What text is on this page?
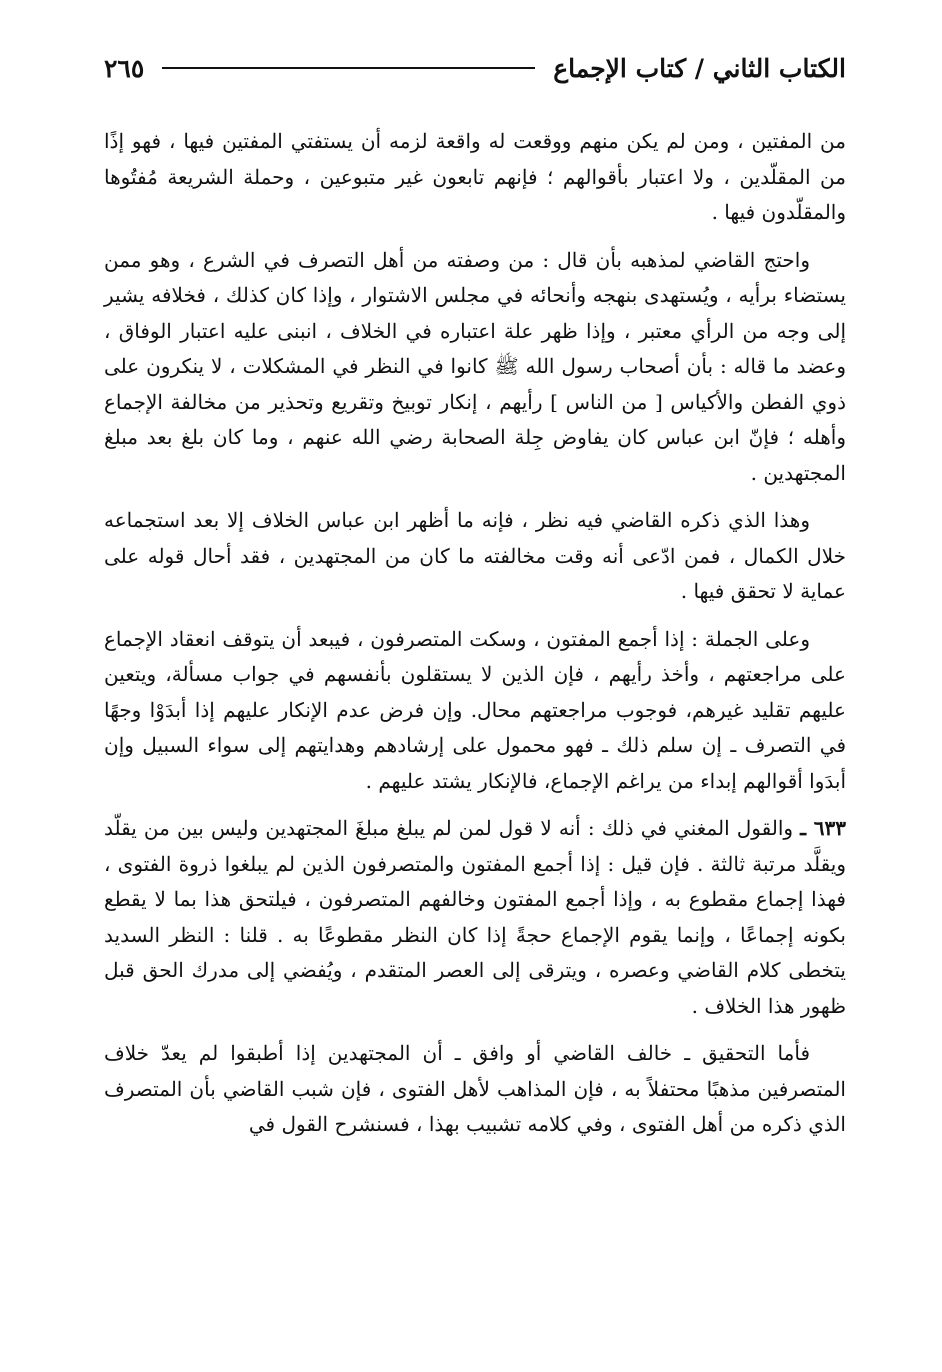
الكتاب الثاني / كتاب الإجماع
٢٦٥

من المفتين ، ومن لم يكن منهم ووقعت له واقعة لزمه أن يستفتي المفتين فيها ، فهو إذًا من المقلّدين ، ولا اعتبار بأقوالهم ؛ فإنهم تابعون غير متبوعين ، وحملة الشريعة مُفتُوها والمقلّدون فيها .

واحتج القاضي لمذهبه بأن قال : من وصفته من أهل التصرف في الشرع ، وهو ممن يستضاء برأيه ، ويُستهدى بنهجه وأنحائه في مجلس الاشتوار ، وإذا كان كذلك ، فخلافه يشير إلى وجه من الرأي معتبر ، وإذا ظهر علة اعتباره في الخلاف ، انبنى عليه اعتبار الوفاق ، وعضد ما قاله : بأن أصحاب رسول الله ﷺ كانوا في النظر في المشكلات ، لا ينكرون على ذوي الفطن والأكياس [ من الناس ] رأيهم ، إنكار توبيخ وتقريع وتحذير من مخالفة الإجماع وأهله ؛ فإنّ ابن عباس كان يفاوض جِلة الصحابة رضي الله عنهم ، وما كان بلغ بعد مبلغ المجتهدين .

وهذا الذي ذكره القاضي فيه نظر ، فإنه ما أظهر ابن عباس الخلاف إلا بعد استجماعه خلال الكمال ، فمن ادّعى أنه وقت مخالفته ما كان من المجتهدين ، فقد أحال قوله على عماية لا تحقق فيها .

وعلى الجملة : إذا أجمع المفتون ، وسكت المتصرفون ، فيبعد أن يتوقف انعقاد الإجماع على مراجعتهم ، وأخذ رأيهم ، فإن الذين لا يستقلون بأنفسهم في جواب مسألة، ويتعين عليهم تقليد غيرهم، فوجوب مراجعتهم محال. وإن فرض عدم الإنكار عليهم إذا أبدَوْا وجهًا في التصرف ـ إن سلم ذلك ـ فهو محمول على إرشادهم وهدايتهم إلى سواء السبيل وإن أبدَوا أقوالهم إبداء من يراغم الإجماع، فالإنكار يشتد عليهم .

٦٣٣ ـ والقول المغني في ذلك : أنه لا قول لمن لم يبلغ مبلغَ المجتهدين وليس بين من يقلّد ويقلَّد مرتبة ثالثة . فإن قيل : إذا أجمع المفتون والمتصرفون الذين لم يبلغوا ذروة الفتوى ، فهذا إجماع مقطوع به ، وإذا أجمع المفتون وخالفهم المتصرفون ، فيلتحق هذا بما لا يقطع بكونه إجماعًا ، وإنما يقوم الإجماع حجةً إذا كان النظر مقطوعًا به . قلنا : النظر السديد يتخطى كلام القاضي وعصره ، ويترقى إلى العصر المتقدم ، ويُفضي إلى مدرك الحق قبل ظهور هذا الخلاف .

فأما التحقيق ـ خالف القاضي أو وافق ـ أن المجتهدين إذا أطبقوا لم يعدّ خلاف المتصرفين مذهبًا محتفلاً به ، فإن المذاهب لأهل الفتوى ، فإن شبب القاضي بأن المتصرف الذي ذكره من أهل الفتوى ، وفي كلامه تشبيب بهذا ، فسنشرح القول في
